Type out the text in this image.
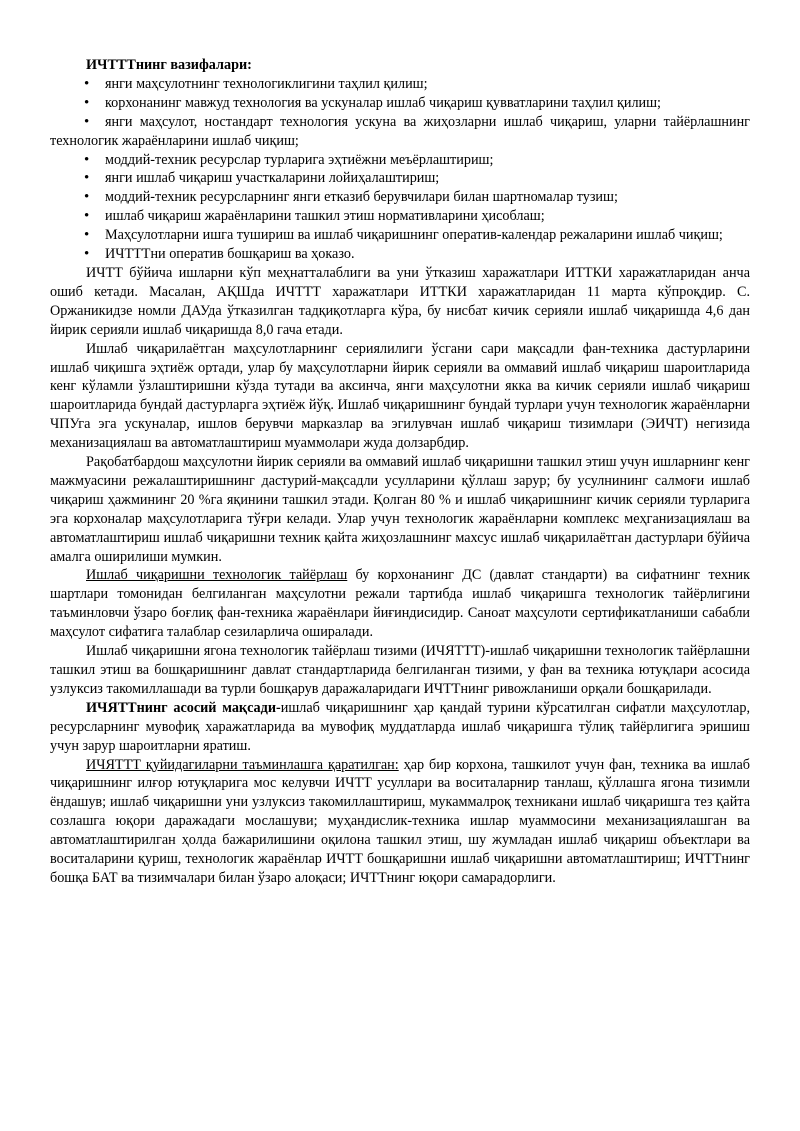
ИЧТТТнинг вазифалари:

• янги маҳсулотнинг технологиклигини таҳлил қилиш;

• корхонанинг мавжуд технология ва ускуналар ишлаб чиқариш қувватларини таҳлил қилиш;

• янги маҳсулот, ностандарт технология ускуна ва жиҳозларни ишлаб чиқариш, уларни тайёрлашнинг технологик жараёнларини ишлаб чиқиш;

• моддий-техник ресурслар турларига эҳтиёжни меъёрлаштириш;

• янги ишлаб чиқариш участкаларини лойиҳалаштириш;

• моддий-техник ресурсларнинг янги етказиб берувчилари билан шартномалар тузиш;

• ишлаб чиқариш жараёнларини ташкил этиш нормативларини ҳисоблаш;

• Маҳсулотларни ишга тушириш ва ишлаб чиқаришнинг оператив-календар режаларини ишлаб чиқиш;

• ИЧТТТни оператив бошқариш ва ҳоказо.

ИЧТТ бўйича ишларни кўп меҳнатталаблиги ва уни ўтказиш харажатлари ИТТКИ харажатларидан анча ошиб кетади. Масалан, АҚШда ИЧТТТ харажатлари ИТТКИ харажатларидан 11 марта кўпроқдир. С. Оржаникидзе номли ДАУда ўтказилган тадқиқотларга кўра, бу нисбат кичик серияли ишлаб чиқаришда 4,6 дан йирик серияли ишлаб чиқаришда 8,0 гача етади.

Ишлаб чиқарилаётган маҳсулотларнинг сериялилиги ўсгани сари мақсадли фан-техника дастурларини ишлаб чиқишга эҳтиёж ортади, улар бу маҳсулотларни йирик серияли ва оммавий ишлаб чиқариш шароитларида кенг кўламли ўзлаштиришни кўзда тутади ва аксинча, янги маҳсулотни якка ва кичик серияли ишлаб чиқариш шароитларида бундай дастурларга эҳтиёж йўқ. Ишлаб чиқаришнинг бундай турлари учун технологик жараёнларни ЧПУга эга ускуналар, ишлов берувчи марказлар ва эгилувчан ишлаб чиқариш тизимлари (ЭИЧТ) негизида механизациялаш ва автоматлаштириш муаммолари жуда долзарбдир.

Рақобатбардош маҳсулотни йирик серияли ва оммавий ишлаб чиқаришни ташкил этиш учун ишларнинг кенг мажмуасини режалаштиришнинг дастурий-мақсадли усулларини қўллаш зарур; бу усулнининг салмоғи ишлаб чиқариш ҳажмининг 20 %га яқинини ташкил этади. Қолган 80 % и ишлаб чиқаришнинг кичик серияли турларига эга корхоналар маҳсулотларига тўғри келади. Улар учун технологик жараёнларни комплекс меҳганизациялаш ва автоматлаштириш ишлаб чиқаришни техник қайта жиҳозлашнинг махсус ишлаб чиқарилаётган дастурлари бўйича амалга оширилиши мумкин.

Ишлаб чиқаришни технологик тайёрлаш бу корхонанинг ДС (давлат стандарти) ва сифатнинг техник шартлари томонидан белгиланган маҳсулотни режали тартибда ишлаб чиқаришга технологик тайёрлигини таъминловчи ўзаро боғлиқ фан-техника жараёнлари йиғиндисидир. Саноат маҳсулоти сертификатланиши сабабли маҳсулот сифатига талаблар сезиларлича оширалади.

Ишлаб чиқаришни ягона технологик тайёрлаш тизими (ИЧЯТТТ)-ишлаб чиқаришни технологик тайёрлашни ташкил этиш ва бошқаришнинг давлат стандартларида белгиланган тизими, у фан ва техника ютуқлари асосида узлуксиз такомиллашади ва турли бошқарув даражаларидаги ИЧТТнинг ривожланиши орқали бошқарилади.

ИЧЯТТнинг асосий мақсади-ишлаб чиқаришнинг ҳар қандай турини кўрсатилган сифатли маҳсулотлар, ресурсларнинг мувофиқ харажатларида ва мувофиқ муддатларда ишлаб чиқаришга тўлиқ тайёрлигига эришиш учун зарур шароитларни яратиш.

ИЧЯТТТ қуйидагиларни таъминлашга қаратилган: ҳар бир корхона, ташкилот учун фан, техника ва ишлаб чиқаришнинг илғор ютуқларига мос келувчи ИЧТТ усуллари ва воситаларнир танлаш, қўллашга ягона тизимли ёндашув; ишлаб чиқаришни уни узлуксиз такомиллаштириш, мукаммалроқ техникани ишлаб чиқаришга тез қайта созлашга юқори даражадаги мослашуви; муҳандислик-техника ишлар муаммосини механизациялашган ва автоматлаштирилган ҳолда бажарилишини оқилона ташкил этиш, шу жумладан ишлаб чиқариш объектлари ва воситаларини қуриш, технологик жараёнлар ИЧТТ бошқаришни ишлаб чиқаришни автоматлаштириш; ИЧТТнинг бошқа БАТ ва тизимчалари билан ўзаро алоқаси; ИЧТТнинг юқори самарадорлиги.
